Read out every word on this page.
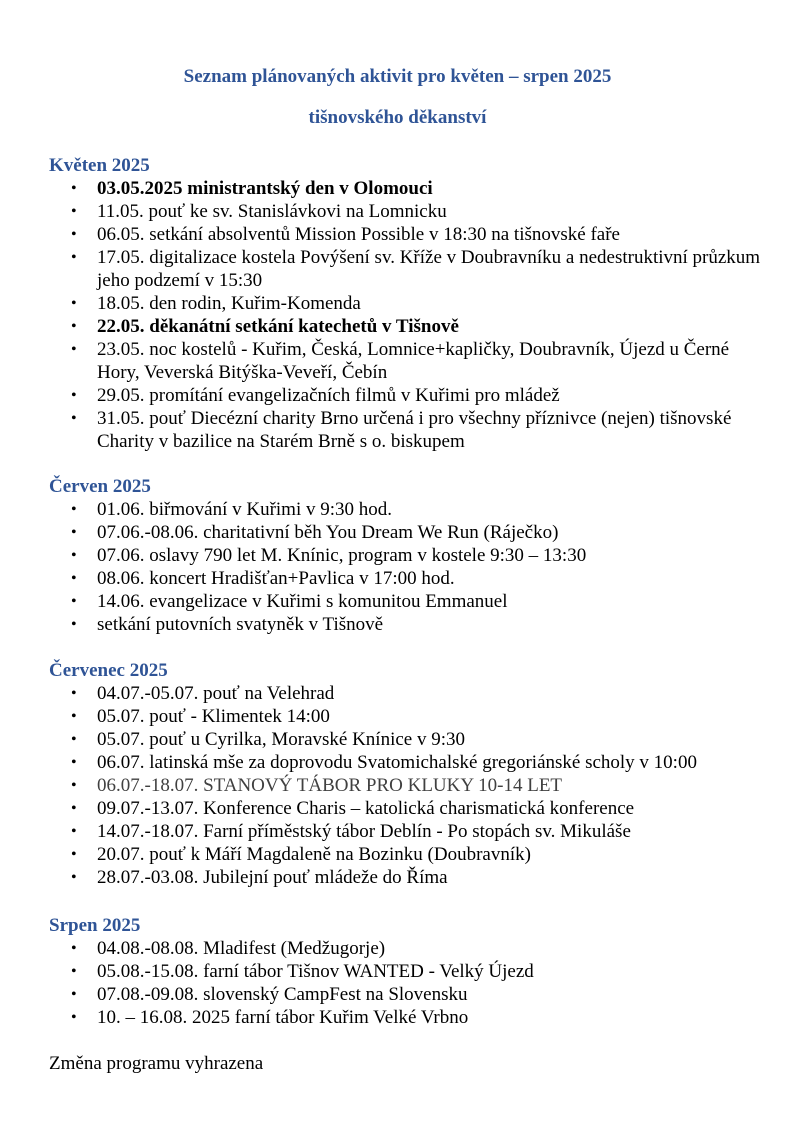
Seznam plánovaných aktivit pro květen – srpen 2025
tišnovského děkanství
Květen 2025
• 03.05.2025 ministrantský den v Olomouci
• 11.05. pouť ke sv. Stanislávkovi na Lomnicku
• 06.05. setkání absolventů Mission Possible v 18:30 na tišnovské faře
• 17.05. digitalizace kostela Povýšení sv. Kříže v Doubravníku a nedestruktivní průzkum jeho podzemí v 15:30
• 18.05. den rodin, Kuřim-Komenda
• 22.05. děkanátní setkání katechetů v Tišnově
• 23.05. noc kostelů - Kuřim, Česká, Lomnice+kapličky, Doubravník, Újezd u Černé Hory, Veverská Bitýška-Veveří, Čebín
• 29.05. promítání evangelizačních filmů v Kuřimi pro mládež
• 31.05. pouť Diecézní charity Brno určená i pro všechny příznivce (nejen) tišnovské Charity v bazilice na Starém Brně s o. biskupem
Červen 2025
• 01.06. biřmování v Kuřimi v 9:30 hod.
• 07.06.-08.06. charitativní běh You Dream We Run (Ráječko)
• 07.06. oslavy 790 let M. Knínic, program v kostele 9:30 – 13:30
• 08.06. koncert Hradišťan+Pavlica v 17:00 hod.
• 14.06. evangelizace v Kuřimi s komunitou Emmanuel
• setkání putovních svatyněk v Tišnově
Červenec 2025
• 04.07.-05.07. pouť na Velehrad
• 05.07. pouť - Klimentek 14:00
• 05.07. pouť u Cyrilka, Moravské Knínice v 9:30
• 06.07. latinská mše za doprovodu Svatomichalské gregoriánské scholy v 10:00
• 06.07.-18.07. STANOVÝ TÁBOR PRO KLUKY 10-14 LET
• 09.07.-13.07. Konference Charis – katolická charismatická konference
• 14.07.-18.07. Farní příměstský tábor Deblín - Po stopách sv. Mikuláše
• 20.07. pouť k Máří Magdaleně na Bozinku (Doubravník)
• 28.07.-03.08. Jubilejní pouť mládeže do Říma
Srpen 2025
• 04.08.-08.08. Mladifest (Medžugorje)
• 05.08.-15.08. farní tábor Tišnov WANTED - Velký Újezd
• 07.08.-09.08. slovenský CampFest na Slovensku
• 10. – 16.08. 2025 farní tábor Kuřim Velké Vrbno

Změna programu vyhrazena
